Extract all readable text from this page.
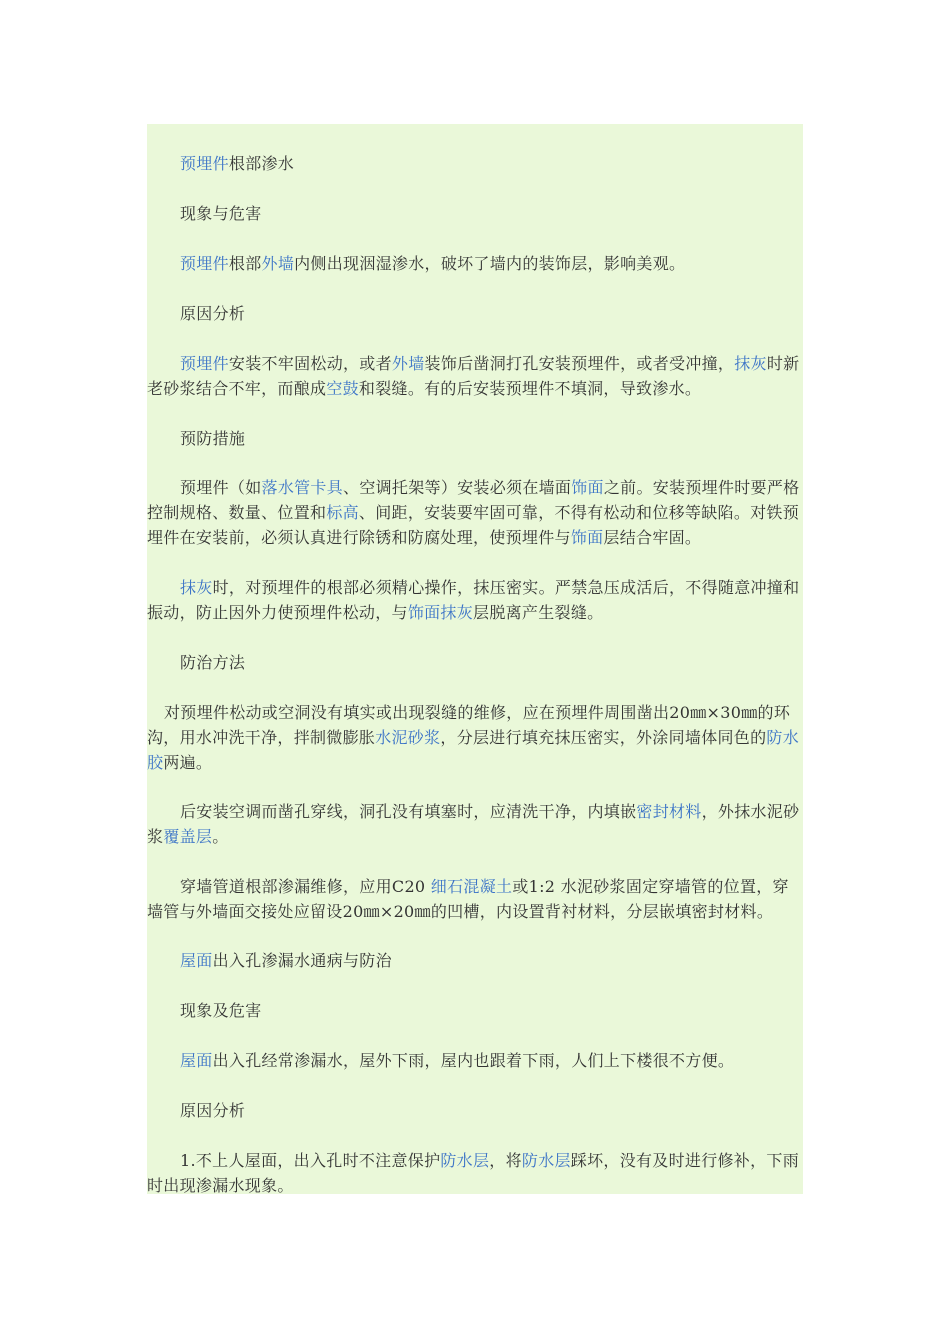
预埋件根部渗水

现象与危害

预埋件根部外墙内侧出现洇湿渗水，破坏了墙内的装饰层，影响美观。

原因分析

预埋件安装不牢固松动，或者外墙装饰后凿洞打孔安装预埋件，或者受冲撞，抹灰时新老砂浆结合不牢，而酿成空鼓和裂缝。有的后安装预埋件不填洞，导致渗水。

预防措施

预埋件（如落水管卡具、空调托架等）安装必须在墙面饰面之前。安装预埋件时要严格控制规格、数量、位置和标高、间距，安装要牢固可靠，不得有松动和位移等缺陷。对铁预埋件在安装前，必须认真进行除锈和防腐处理，使预埋件与饰面层结合牢固。

抹灰时，对预埋件的根部必须精心操作，抹压密实。严禁急压成活后，不得随意冲撞和振动，防止因外力使预埋件松动，与饰面抹灰层脱离产生裂缝。

防治方法

对预埋件松动或空洞没有填实或出现裂缝的维修，应在预埋件周围凿出20㎜×30㎜的环沟，用水冲洗干净，拌制微膨胀水泥砂浆，分层进行填充抹压密实，外涂同墙体同色的防水胶两遍。

后安装空调而凿孔穿线，洞孔没有填塞时，应清洗干净，内填嵌密封材料，外抹水泥砂浆覆盖层。

穿墙管道根部渗漏维修，应用C20 细石混凝土或1:2 水泥砂浆固定穿墙管的位置，穿墙管与外墙面交接处应留设20㎜×20㎜的凹槽，内设置背衬材料，分层嵌填密封材料。

屋面出入孔渗漏水通病与防治

现象及危害

屋面出入孔经常渗漏水，屋外下雨，屋内也跟着下雨，人们上下楼很不方便。

原因分析

1.不上人屋面，出入孔时不注意保护防水层，将防水层踩坏，没有及时进行修补，下雨时出现渗漏水现象。
